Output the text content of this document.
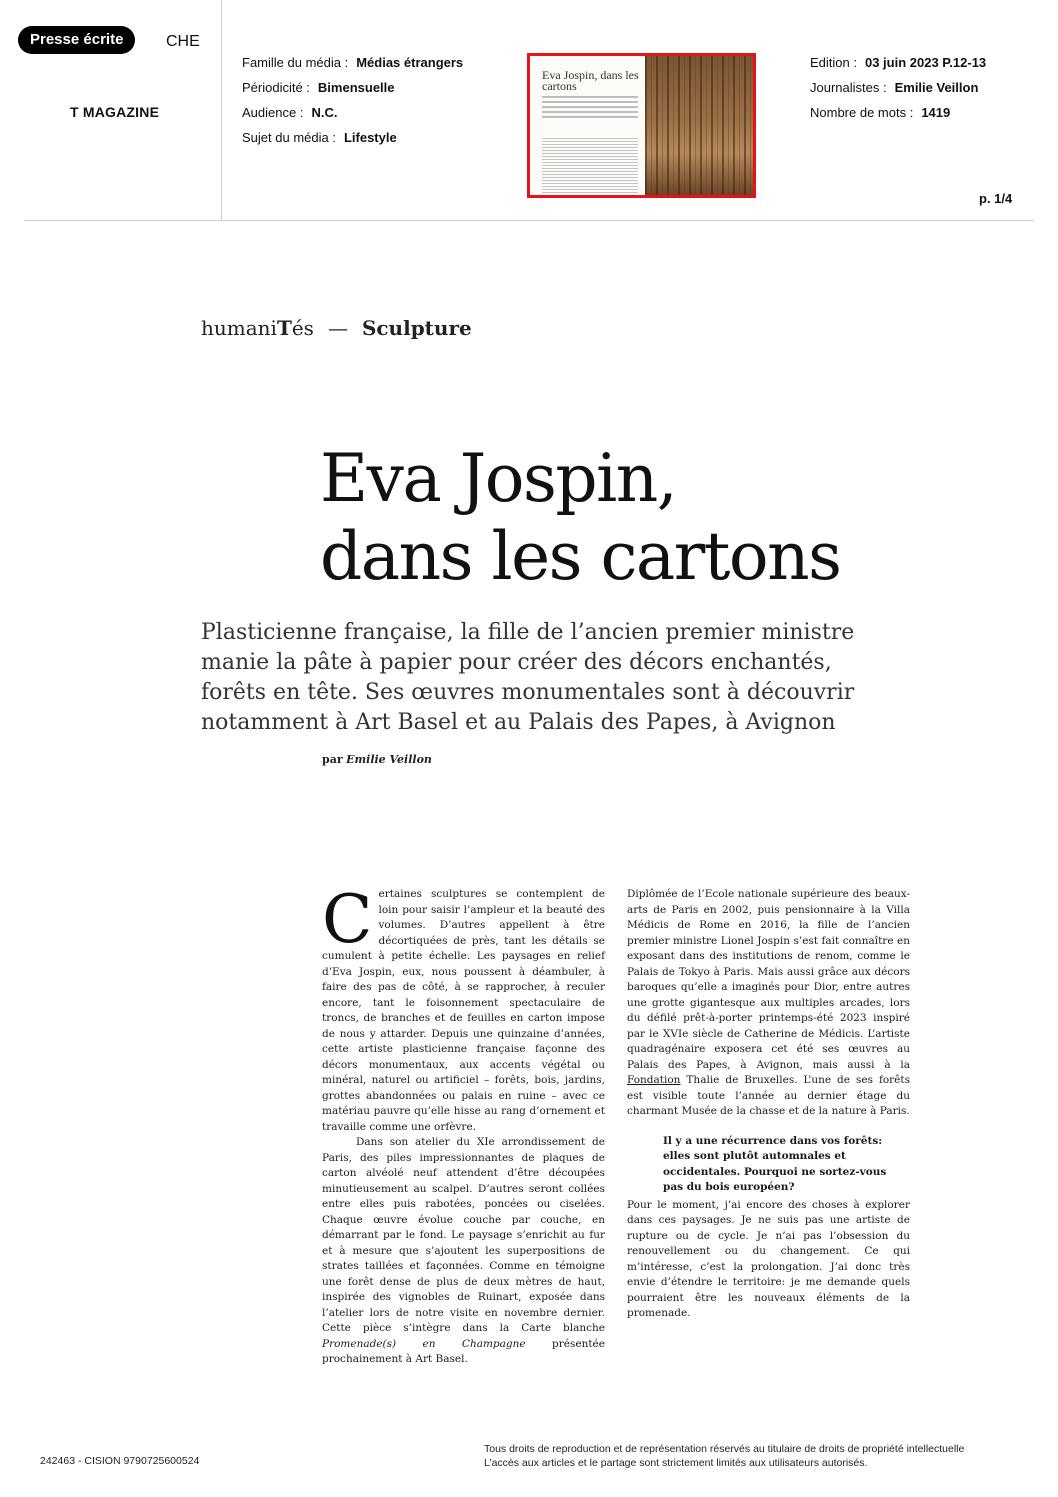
Presse écrite	CHE
T MAGAZINE
Famille du média : Médias étrangers
Périodicité : Bimensuelle
Audience : N.C.
Sujet du média : Lifestyle
Eva Jospin, dans les cartons
Edition : 03 juin 2023 P.12-13
Journalistes : Emilie Veillon
Nombre de mots : 1419
p. 1/4
humaniTés — Sculpture
Eva Jospin,
dans les cartons
Plasticienne française, la fille de l’ancien premier ministre
manie la pâte à papier pour créer des décors enchantés,
forêts en tête. Ses œuvres monumentales sont à découvrir
notamment à Art Basel et au Palais des Papes, à Avignon
par Emilie Veillon

Certaines sculptures se contemplent de loin pour saisir l’ampleur et la beauté des volumes. D’autres appellent à être décortiquées de près, tant les détails se cumulent à petite échelle. Les paysages en relief d’Eva Jospin, eux, nous poussent à déambuler, à faire des pas de côté, à se rapprocher, à reculer encore, tant le foisonnement spectaculaire de troncs, de branches et de feuilles en carton impose de nous y attarder. Depuis une quinzaine d’années, cette artiste plasticienne française façonne des décors monumentaux, aux accents végétal ou minéral, naturel ou artificiel – forêts, bois, jardins, grottes abandonnées ou palais en ruine – avec ce matériau pauvre qu’elle hisse au rang d’ornement et travaille comme une orfèvre.

Dans son atelier du XIe arrondissement de Paris, des piles impressionnantes de plaques de carton alvéolé neuf attendent d’être découpées minutieusement au scalpel. D’autres seront collées entre elles puis rabotées, poncées ou ciselées. Chaque œuvre évolue couche par couche, en démarrant par le fond. Le paysage s’enrichit au fur et à mesure que s’ajoutent les superpositions de strates taillées et façonnées. Comme en témoigne une forêt dense de plus de deux mètres de haut, inspirée des vignobles de Ruinart, exposée dans l’atelier lors de notre visite en novembre dernier. Cette pièce s’intègre dans la Carte blanche Promenade(s) en Champagne présentée prochainement à Art Basel.

Diplômée de l’Ecole nationale supérieure des beaux-arts de Paris en 2002, puis pensionnaire à la Villa Médicis de Rome en 2016, la fille de l’ancien premier ministre Lionel Jospin s’est fait connaître en exposant dans des institutions de renom, comme le Palais de Tokyo à Paris. Mais aussi grâce aux décors baroques qu’elle a imaginés pour Dior, entre autres une grotte gigantesque aux multiples arcades, lors du défilé prêt-à-porter printemps-été 2023 inspiré par le XVIe siècle de Catherine de Médicis. L’artiste quadragénaire exposera cet été ses œuvres au Palais des Papes, à Avignon, mais aussi à la Fondation Thalie de Bruxelles. L’une de ses forêts est visible toute l’année au dernier étage du charmant Musée de la chasse et de la nature à Paris.

Il y a une récurrence dans vos forêts: elles sont plutôt automnales et occidentales. Pourquoi ne sortez-vous pas du bois européen?

Pour le moment, j’ai encore des choses à explorer dans ces paysages. Je ne suis pas une artiste de rupture ou de cycle. Je n’ai pas l’obsession du renouvellement ou du changement. Ce qui m’intéresse, c’est la prolongation. J’ai donc très envie d’étendre le territoire: je me demande quels pourraient être les nouveaux éléments de la promenade.

242463 - CISION 9790725600524
Tous droits de reproduction et de représentation réservés au titulaire de droits de propriété intellectuelle
L’accès aux articles et le partage sont strictement limités aux utilisateurs autorisés.
